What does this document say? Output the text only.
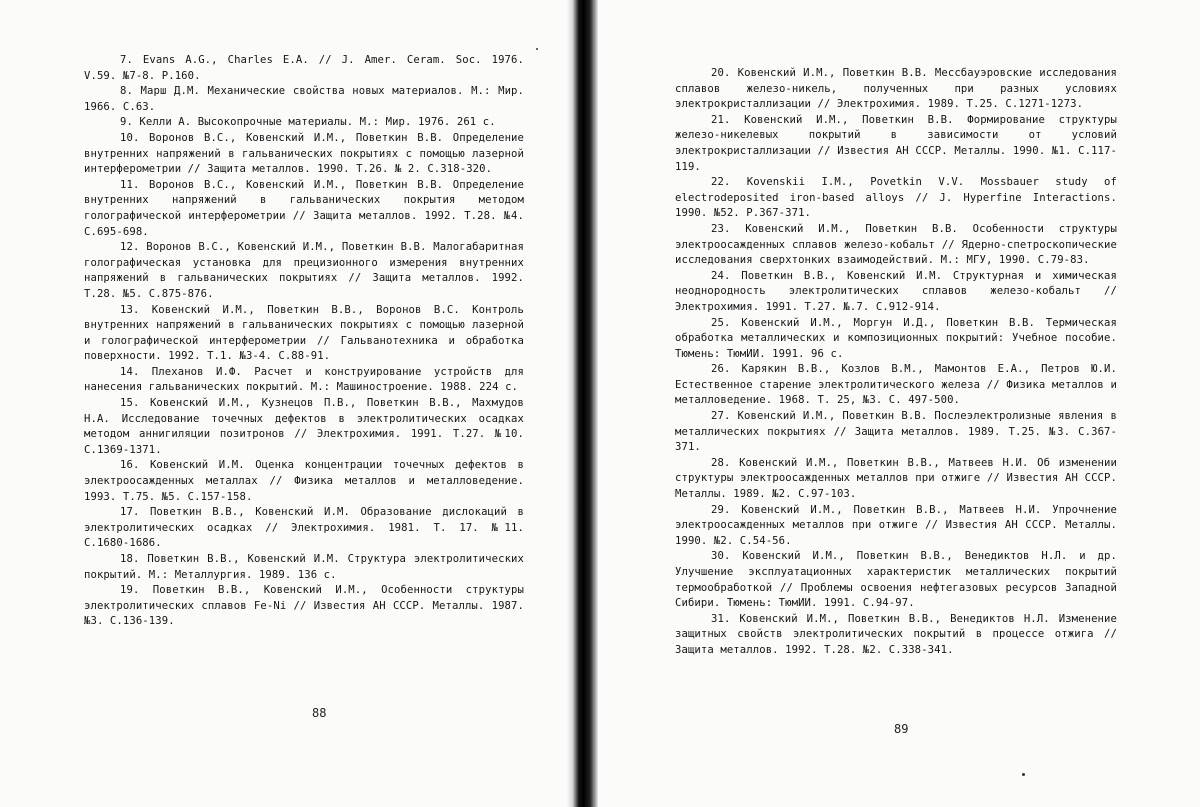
7. Evans A.G., Charles E.A. // J. Amer. Ceram. Soc. 1976. V.59. №7-8. P.160.
8. Марш Д.М. Механические свойства новых материалов. М.: Мир. 1966. С.63.
9. Келли А. Высокопрочные материалы. М.: Мир. 1976. 261 с.
10. Воронов В.С., Ковенский И.М., Поветкин В.В. Определение внутренних напряжений в гальванических покрытиях с помощью лазерной интерферометрии // Защита металлов. 1990. Т.26. № 2. С.318-320.
11. Воронов В.С., Ковенский И.М., Поветкин В.В. Определение внутренних напряжений в гальванических покрытия методом голографической интерферометрии // Защита металлов. 1992. Т.28. №4. С.695-698.
12. Воронов В.С., Ковенский И.М., Поветкин В.В. Малогабаритная голографическая установка для прецизионного измерения внутренних напряжений в гальванических покрытиях // Защита металлов. 1992. Т.28. №5. С.875-876.
13. Ковенский И.М., Поветкин В.В., Воронов В.С. Контроль внутренних напряжений в гальванических покрытиях с помощью лазерной и голографической интерферометрии // Гальванотехника и обработка поверхности. 1992. Т.1. №3-4. С.88-91.
14. Плеханов И.Ф. Расчет и конструирование устройств для нанесения гальванических покрытий. М.: Машиностроение. 1988. 224 с.
15. Ковенский И.М., Кузнецов П.В., Поветкин В.В., Махмудов Н.А. Исследование точечных дефектов в электролитических осадках методом аннигиляции позитронов // Электрохимия. 1991. Т.27. №10. С.1369-1371.
16. Ковенский И.М. Оценка концентрации точечных дефектов в электроосажденных металлах // Физика металлов и металловедение. 1993. Т.75. №5. С.157-158.
17. Поветкин В.В., Ковенский И.М. Образование дислокаций в электролитических осадках // Электрохимия. 1981. Т. 17. №11. С.1680-1686.
18. Поветкин В.В., Ковенский И.М. Структура электролитических покрытий. М.: Металлургия. 1989. 136 с.
19. Поветкин В.В., Ковенский И.М., Особенности структуры электролитических сплавов Fe-Ni // Известия АН СССР. Металлы. 1987. №3. С.136-139.
88
20. Ковенский И.М., Поветкин В.В. Мессбауэровские исследования сплавов железо-никель, полученных при разных условиях электрокристаллизации // Электрохимия. 1989. Т.25. С.1271-1273.
21. Ковенский И.М., Поветкин В.В. Формирование структуры железо-никелевых покрытий в зависимости от условий электрокристаллизации // Известия АН СССР. Металлы. 1990. №1. С.117-119.
22. Kovenskii I.M., Povetkin V.V. Mossbauer study of electrodeposited iron-based alloys // J. Hyperfine Interactions. 1990. №52. P.367-371.
23. Ковенский И.М., Поветкин В.В. Особенности структуры электроосажденных сплавов железо-кобальт // Ядерно-спетроскопические исследования сверхтонких взаимодействий. М.: МГУ, 1990. С.79-83.
24. Поветкин В.В., Ковенский И.М. Структурная и химическая неоднородность электролитических сплавов железо-кобальт // Электрохимия. 1991. Т.27. №.7. С.912-914.
25. Ковенский И.М., Моргун И.Д., Поветкин В.В. Термическая обработка металлических и композиционных покрытий: Учебное пособие. Тюмень: ТюмИИ. 1991. 96 с.
26. Карякин В.В., Козлов В.М., Мамонтов Е.А., Петров Ю.И. Естественное старение электролитического железа // Физика металлов и металловедение. 1968. Т. 25, №3. С. 497-500.
27. Ковенский И.М., Поветкин В.В. Послеэлектролизные явления в металлических покрытиях // Защита металлов. 1989. Т.25. №3. С.367-371.
28. Ковенский И.М., Поветкин В.В., Матвеев Н.И. Об изменении структуры электроосажденных металлов при отжиге // Известия АН СССР. Металлы. 1989. №2. С.97-103.
29. Ковенский И.М., Поветкин В.В., Матвеев Н.И. Упрочнение электроосажденных металлов при отжиге // Известия АН СССР. Металлы. 1990. №2. С.54-56.
30. Ковенский И.М., Поветкин В.В., Венедиктов Н.Л. и др. Улучшение эксплуатационных характеристик металлических покрытий термообработкой // Проблемы освоения нефтегазовых ресурсов Западной Сибири. Тюмень: ТюмИИ. 1991. С.94-97.
31. Ковенский И.М., Поветкин В.В., Венедиктов Н.Л. Изменение защитных свойств электролитических покрытий в процессе отжига // Защита металлов. 1992. Т.28. №2. С.338-341.
89
